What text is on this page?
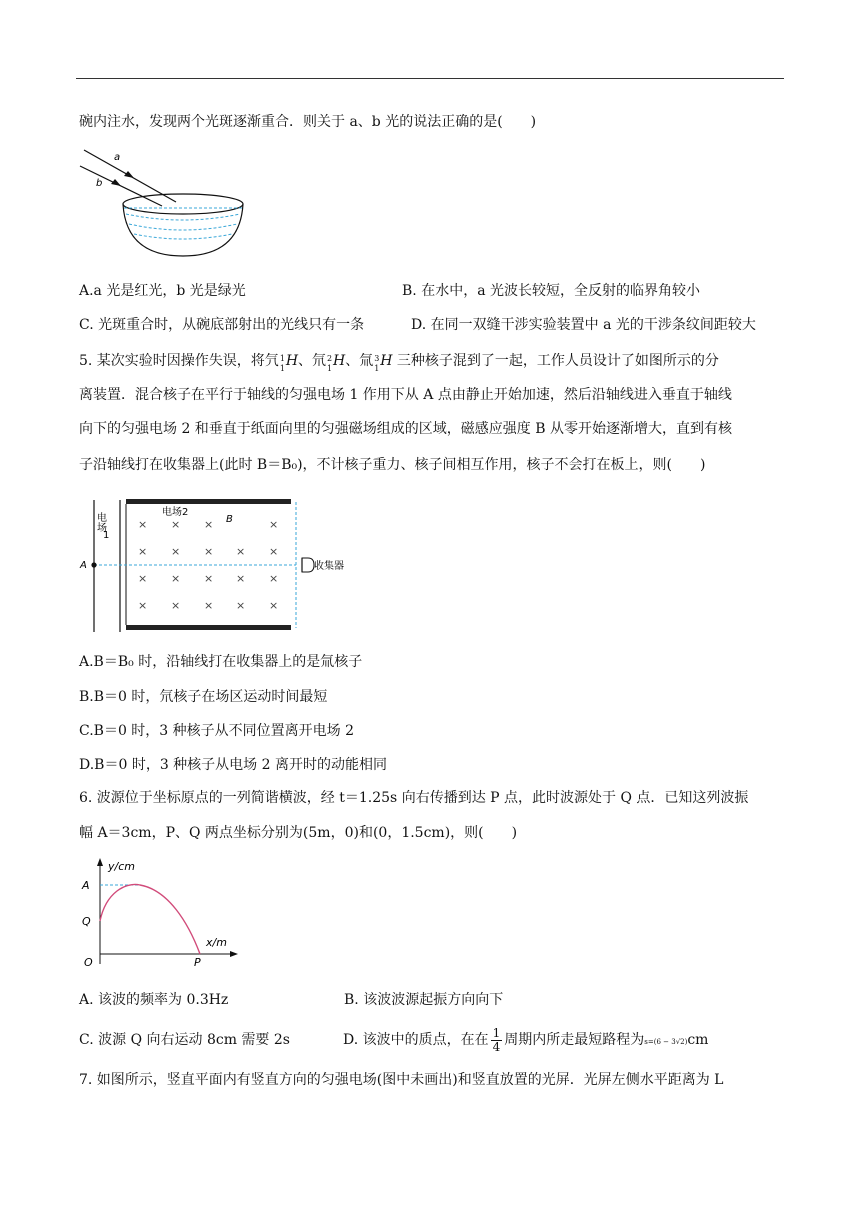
碗内注水，发现两个光斑逐渐重合．则关于 a、b 光的说法正确的是(　　)
a
b
A.a 光是红光，b 光是绿光	B. 在水中，a 光波长较短，全反射的临界角较小
C. 光斑重合时，从碗底部射出的光线只有一条	D. 在同一双缝干涉实验装置中 a 光的干涉条纹间距较大
5. 某次实验时因操作失误，将氕 1
1 H、氘 2
1 H、氚 3
1 H 三种核子混到了一起，工作人员设计了如图所示的分
离装置．混合核子在平行于轴线的匀强电场 1 作用下从 A 点由静止开始加速，然后沿轴线进入垂直于轴线
向下的匀强电场 2 和垂直于纸面向里的匀强磁场组成的区域，磁感应强度 B 从零开始逐渐增大，直到有核
子沿轴线打在收集器上(此时 B＝B₀)，不计核子重力、核子间相互作用，核子不会打在板上，则(　　)
电场
1
电场2
B
A	收集器
× × ×	×
× × × × ×
× × × × ×
× × × × ×
A.B＝B₀ 时，沿轴线打在收集器上的是氚核子
B.B＝0 时，氘核子在场区运动时间最短
C.B＝0 时，3 种核子从不同位置离开电场 2
D.B＝0 时，3 种核子从电场 2 离开时的动能相同
6. 波源位于坐标原点的一列简谐横波，经 t＝1.25s 向右传播到达 P 点，此时波源处于 Q 点．已知这列波振
幅 A＝3cm，P、Q 两点坐标分别为(5m，0)和(0，1.5cm)，则(　　)
y/cm
x/m
A
Q
O	P
A. 该波的频率为 0.3Hz	B. 该波波源起振方向向下
C. 波源 Q 向右运动 8cm 需要 2s	D. 该波中的质点，在在 $\frac{1}{4}$ 周期内所走最短路程为s=(6 − 3√2)cm
7. 如图所示，竖直平面内有竖直方向的匀强电场(图中未画出)和竖直放置的光屏．光屏左侧水平距离为 L
